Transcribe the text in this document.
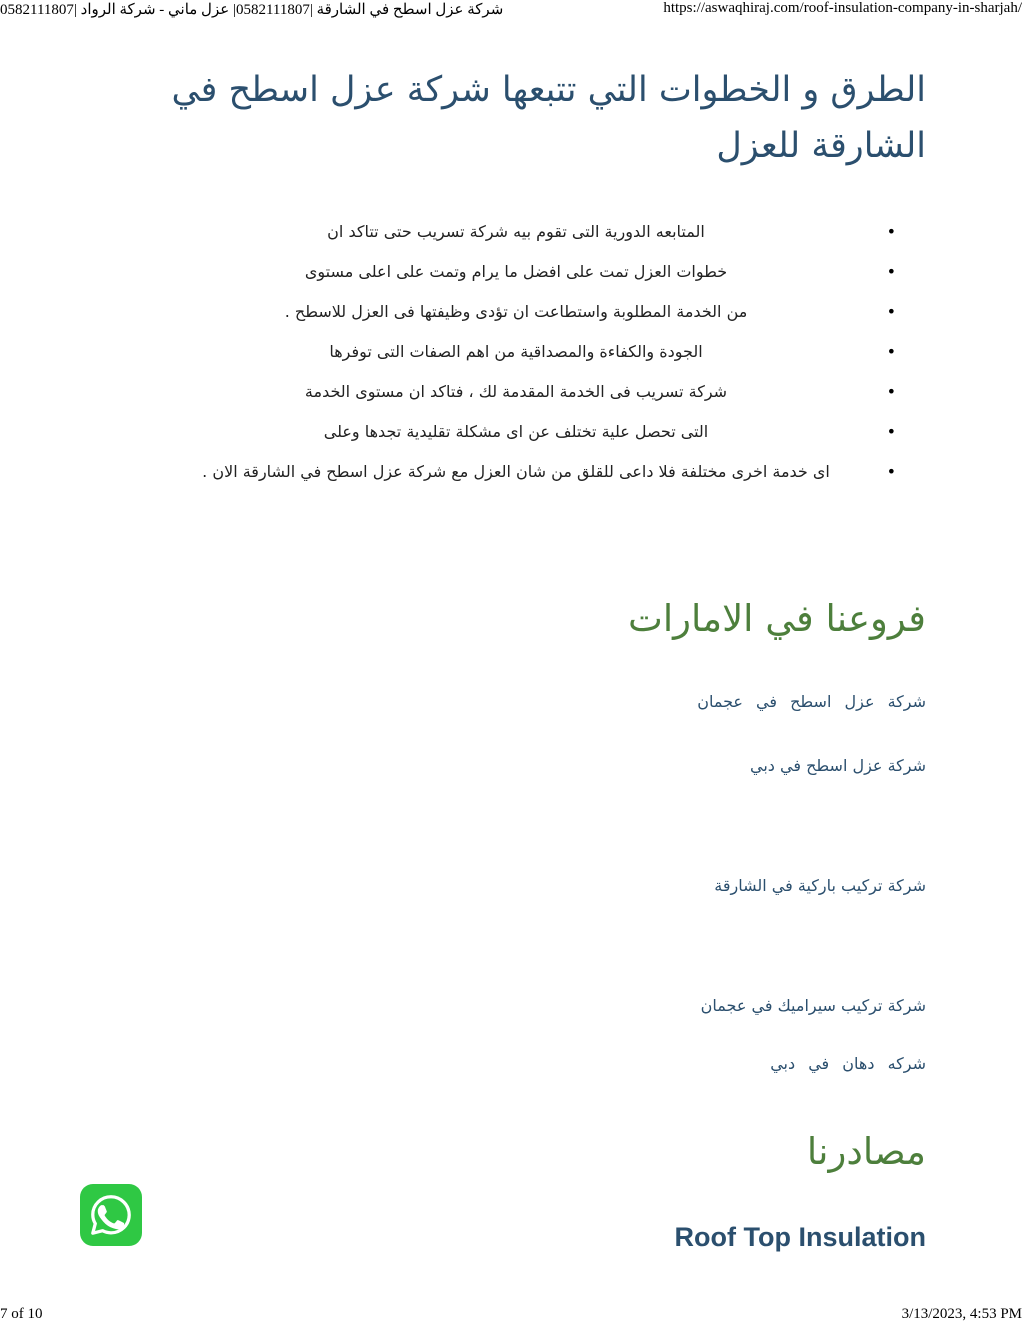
0582111807| شركة عزل اسطح في الشارقة |0582111807| عزل ماني - شركة الرواد	https://aswaqhiraj.com/roof-insulation-company-in-sharjah/
الطرق و الخطوات التي تتبعها شركة عزل اسطح في الشارقة للعزل
•
المتابعه الدورية التى تقوم بيه شركة تسريب حتى تتاكد ان
•
خطوات العزل تمت على افضل ما يرام وتمت على اعلى مستوى
•
من الخدمة المطلوبة واستطاعت ان تؤدى وظيفتها فى العزل للاسطح .
•
الجودة والكفاءة والمصداقية من اهم الصفات التى توفرها
•
شركة تسريب فى الخدمة المقدمة لك ، فتاكد ان مستوى الخدمة
•
التى تحصل علية تختلف عن اى مشكلة تقليدية تجدها وعلى
•
اى خدمة اخرى مختلفة فلا داعى للقلق من شان العزل مع شركة عزل اسطح في الشارقة الان .
فروعنا في الامارات
شركة عزل اسطح في عجمان
شركة عزل اسطح في دبي
شركة تركيب باركية في الشارقة
شركة تركيب سيراميك في عجمان
شركه دهان في دبي
مصادرنا
Roof Top Insulation
7 of 10	3/13/2023, 4:53 PM
